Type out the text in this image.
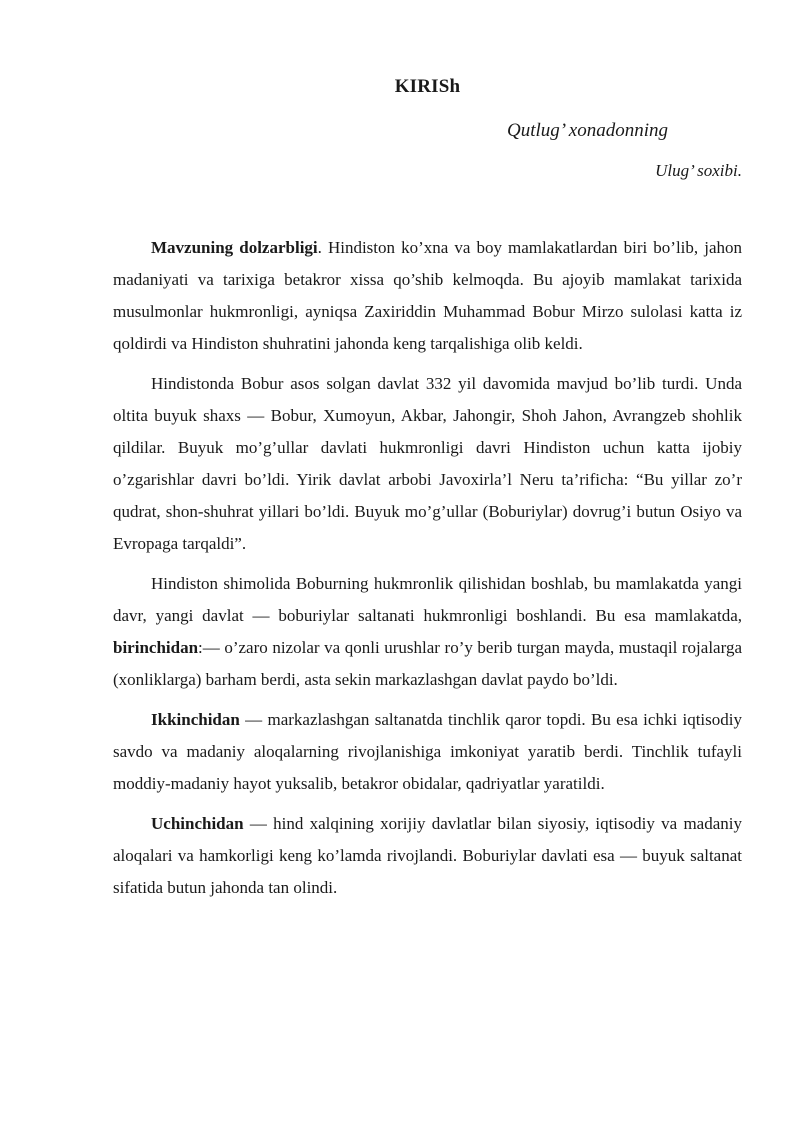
KIRISh
Qutlug’ xonadonning
Ulug’ soxibi.

Mavzuning dolzarbligi. Hindiston ko’xna va boy mamlakatlardan biri bo’lib, jahon madaniyati va tarixiga betakror xissa qo’shib kelmoqda. Bu ajoyib mamlakat tarixida musulmonlar hukmronligi, ayniqsa Zaxiriddin Muhammad Bobur Mirzo sulolasi katta iz qoldirdi va Hindiston shuhratini jahonda keng tarqalishiga olib keldi.

Hindistonda Bobur asos solgan davlat 332 yil davomida mavjud bo’lib turdi. Unda oltita buyuk shaxs — Bobur, Xumoyun, Akbar, Jahongir, Shoh Jahon, Avrangzeb shohlik qildilar. Buyuk mo’g’ullar davlati hukmronligi davri Hindiston uchun katta ijobiy o’zgarishlar davri bo’ldi. Yirik davlat arbobi Javoxirla’l Neru ta’rificha: “Bu yillar zo’r qudrat, shon-shuhrat yillari bo’ldi. Buyuk mo’g’ullar (Boburiylar) dovrug’i butun Osiyo va Evropaga tarqaldi”.

Hindiston shimolida Boburning hukmronlik qilishidan boshlab, bu mamlakatda yangi davr, yangi davlat — boburiylar saltanati hukmronligi boshlandi. Bu esa mamlakatda, birinchidan:— o’zaro nizolar va qonli urushlar ro’y berib turgan mayda, mustaqil rojalarga (xonliklarga) barham berdi, asta sekin markazlashgan davlat paydo bo’ldi.

Ikkinchidan — markazlashgan saltanatda tinchlik qaror topdi. Bu esa ichki iqtisodiy savdo va madaniy aloqalarning rivojlanishiga imkoniyat yaratib berdi. Tinchlik tufayli moddiy-madaniy hayot yuksalib, betakror obidalar, qadriyatlar yaratildi.

Uchinchidan — hind xalqining xorijiy davlatlar bilan siyosiy, iqtisodiy va madaniy aloqalari va hamkorligi keng ko’lamda rivojlandi. Boburiylar davlati esa — buyuk saltanat sifatida butun jahonda tan olindi.
